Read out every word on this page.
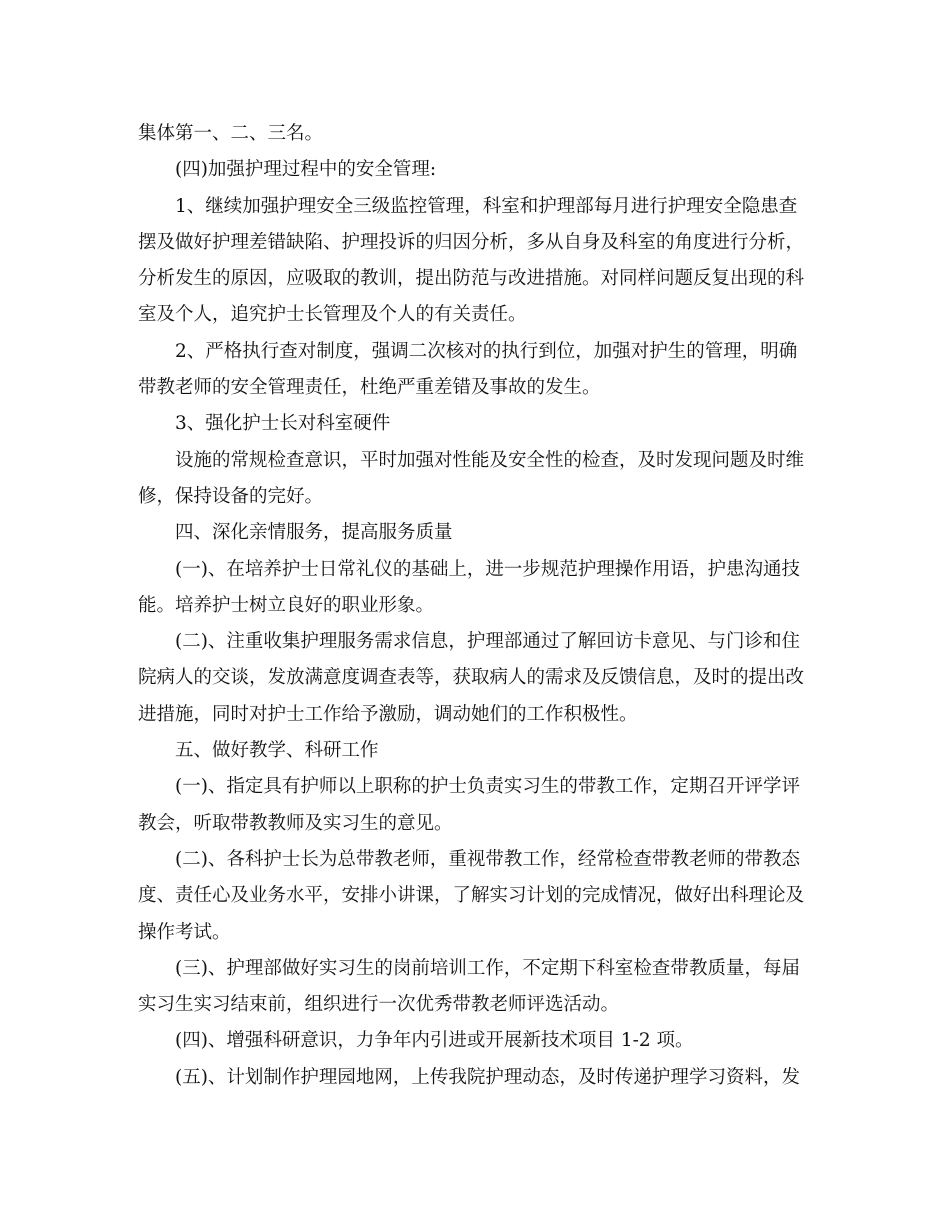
集体第一、二、三名。
(四)加强护理过程中的安全管理:
1、继续加强护理安全三级监控管理，科室和护理部每月进行护理安全隐患查
摆及做好护理差错缺陷、护理投诉的归因分析，多从自身及科室的角度进行分析，
分析发生的原因，应吸取的教训，提出防范与改进措施。对同样问题反复出现的科
室及个人，追究护士长管理及个人的有关责任。
2、严格执行查对制度，强调二次核对的执行到位，加强对护生的管理，明确
带教老师的安全管理责任，杜绝严重差错及事故的发生。
3、强化护士长对科室硬件
设施的常规检查意识，平时加强对性能及安全性的检查，及时发现问题及时维
修，保持设备的完好。
四、深化亲情服务，提高服务质量
(一)、在培养护士日常礼仪的基础上，进一步规范护理操作用语，护患沟通技
能。培养护士树立良好的职业形象。
(二)、注重收集护理服务需求信息，护理部通过了解回访卡意见、与门诊和住
院病人的交谈，发放满意度调查表等，获取病人的需求及反馈信息，及时的提出改
进措施，同时对护士工作给予激励，调动她们的工作积极性。
五、做好教学、科研工作
(一)、指定具有护师以上职称的护士负责实习生的带教工作，定期召开评学评
教会，听取带教教师及实习生的意见。
(二)、各科护士长为总带教老师，重视带教工作，经常检查带教老师的带教态
度、责任心及业务水平，安排小讲课，了解实习计划的完成情况，做好出科理论及
操作考试。
(三)、护理部做好实习生的岗前培训工作，不定期下科室检查带教质量，每届
实习生实习结束前，组织进行一次优秀带教老师评选活动。
(四)、增强科研意识，力争年内引进或开展新技术项目 1-2 项。
(五)、计划制作护理园地网，上传我院护理动态，及时传递护理学习资料，发
